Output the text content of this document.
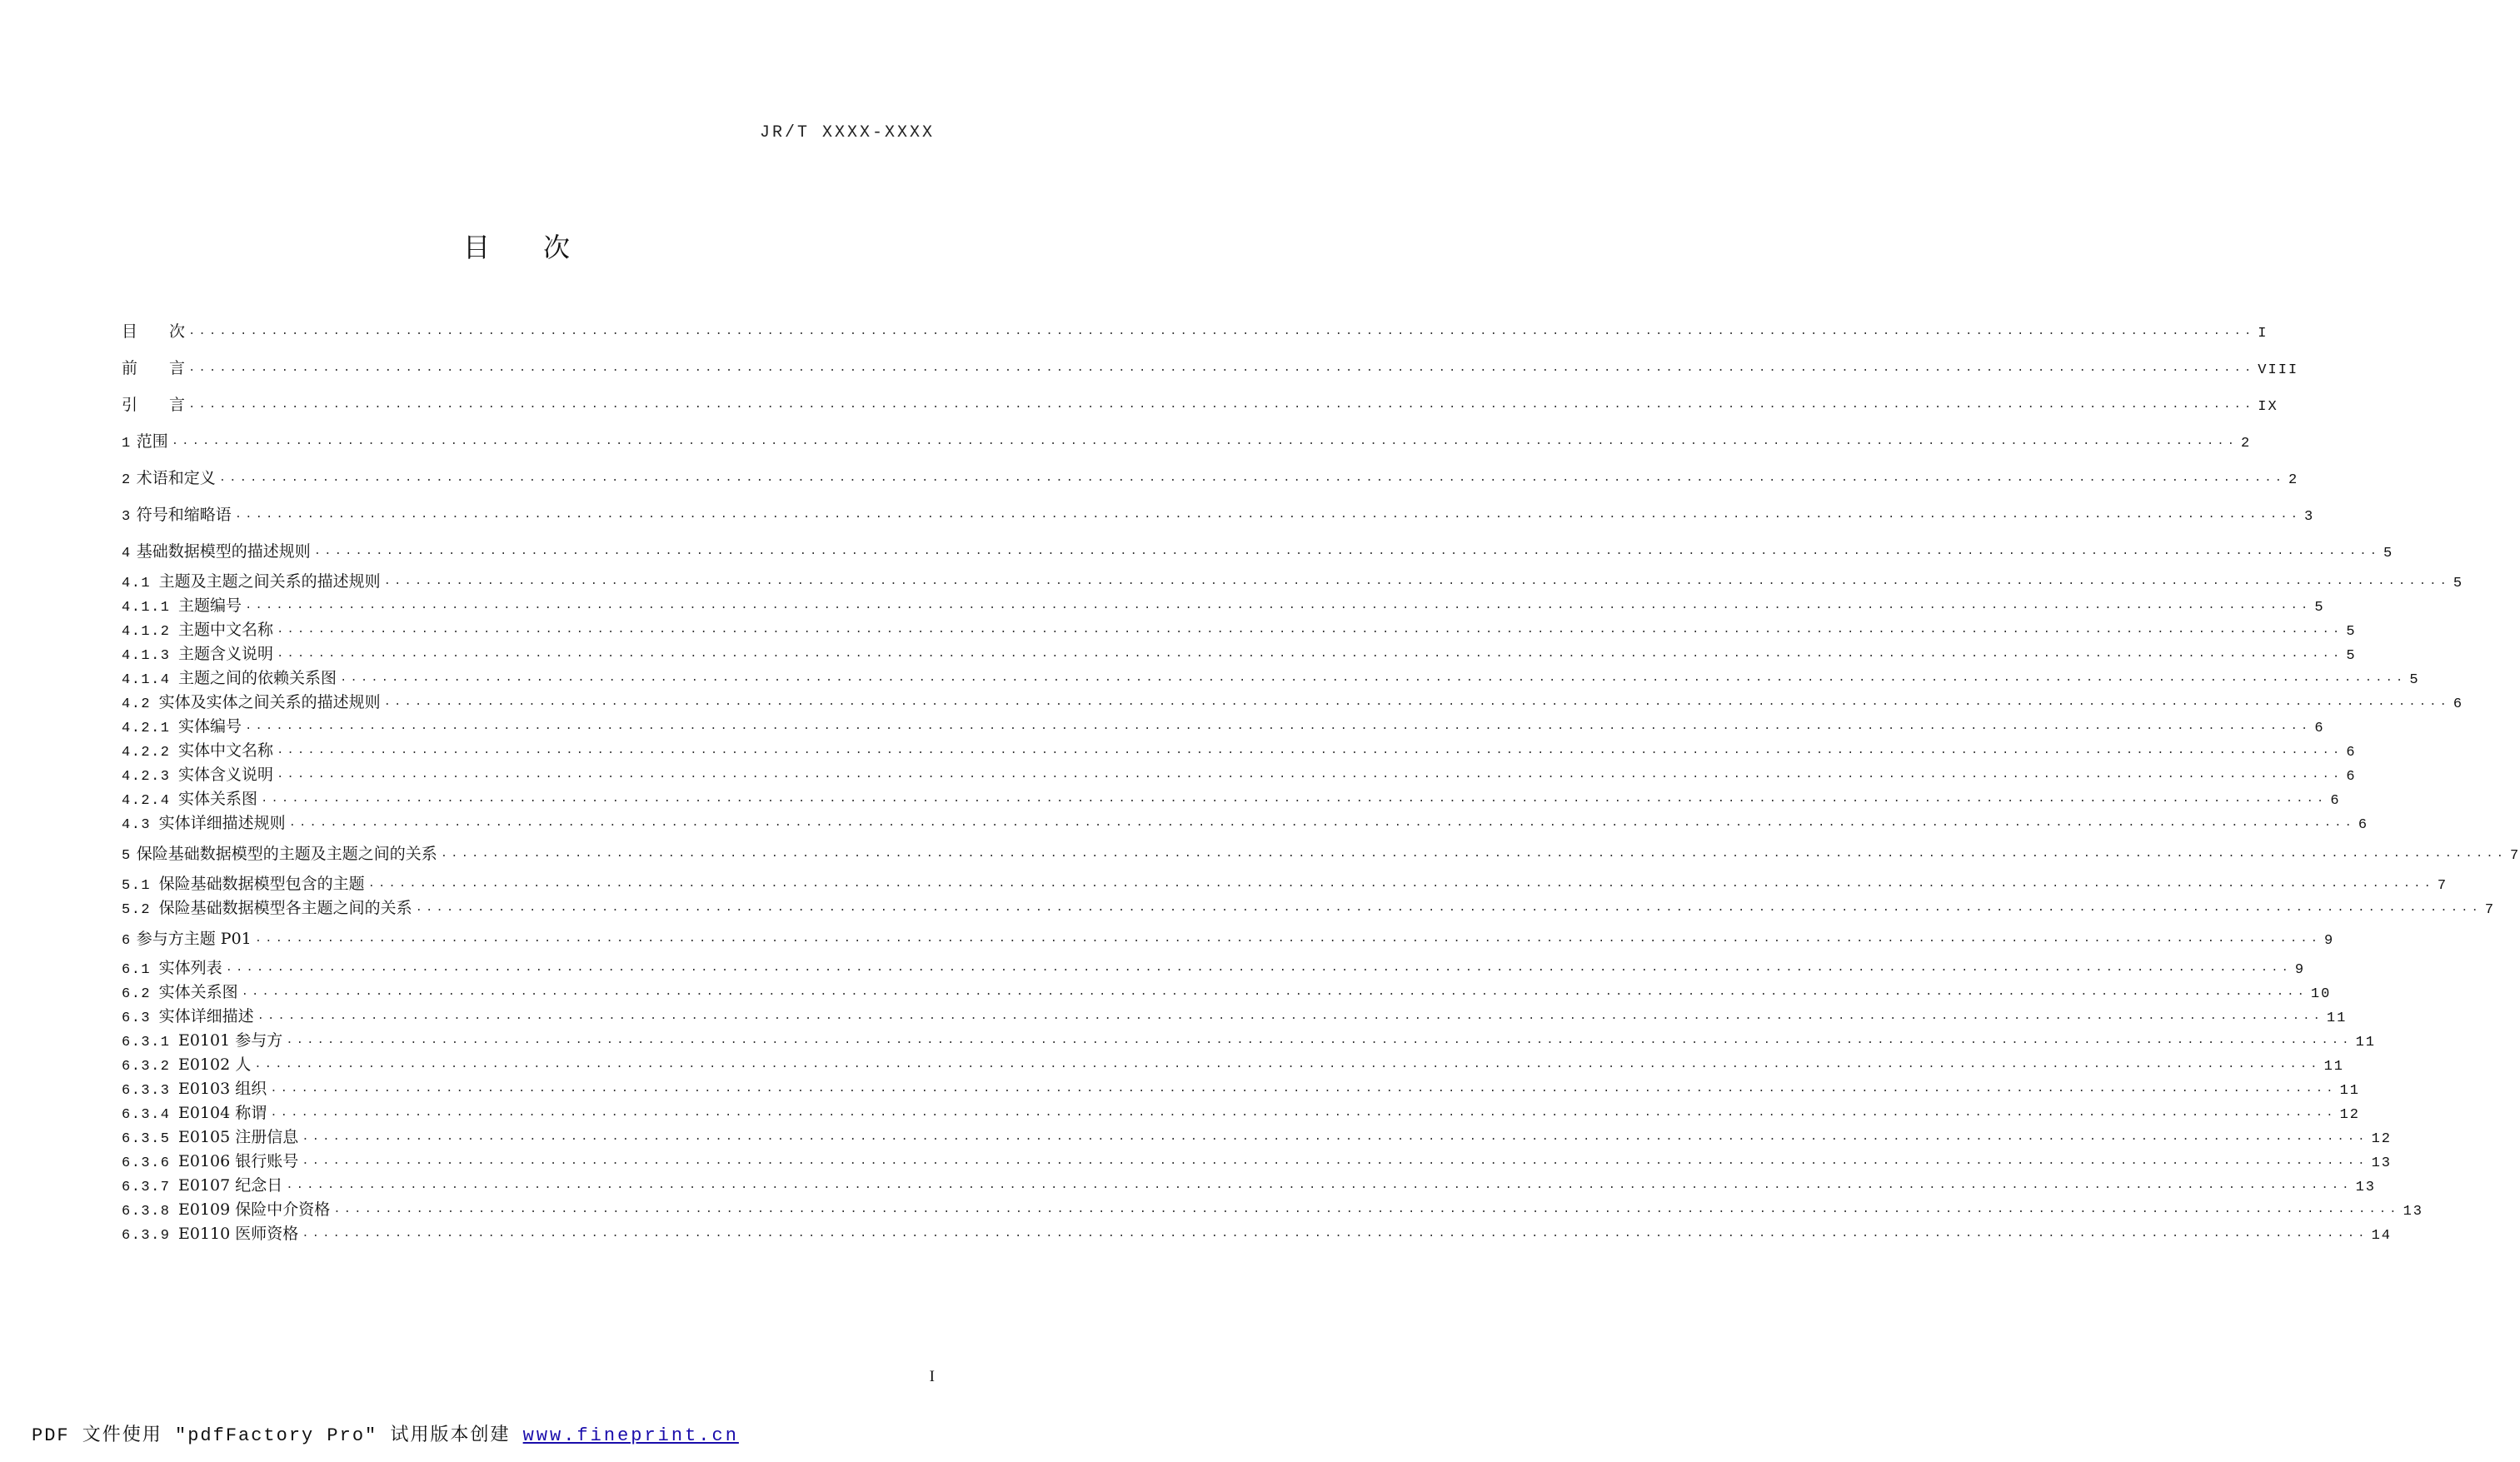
JR/T XXXX-XXXX
目 次
目　　次 ........................................................................................................................................................................................................ I
前　　言 ........................................................................................................................................................................................................ VIII
引　　言 ........................................................................................................................................................................................................ IX
1 范围 ........................................................................................................................................................................................................ 2
2 术语和定义 ........................................................................................................................................................................................................ 2
3 符号和缩略语 ........................................................................................................................................................................................................ 3
4 基础数据模型的描述规则 ........................................................................................................................................................................................................ 5
4.1  主题及主题之间关系的描述规则 ........................................................................................................................................................................................................ 5
4.1.1  主题编号 ........................................................................................................................................................................................................ 5
4.1.2  主题中文名称 ........................................................................................................................................................................................................ 5
4.1.3  主题含义说明 ........................................................................................................................................................................................................ 5
4.1.4  主题之间的依赖关系图 ........................................................................................................................................................................................................ 5
4.2  实体及实体之间关系的描述规则 ........................................................................................................................................................................................................ 6
4.2.1  实体编号 ........................................................................................................................................................................................................ 6
4.2.2  实体中文名称 ........................................................................................................................................................................................................ 6
4.2.3  实体含义说明 ........................................................................................................................................................................................................ 6
4.2.4  实体关系图 ........................................................................................................................................................................................................ 6
4.3  实体详细描述规则 ........................................................................................................................................................................................................ 6
5 保险基础数据模型的主题及主题之间的关系 ........................................................................................................................................................................................................ 7
5.1  保险基础数据模型包含的主题 ........................................................................................................................................................................................................ 7
5.2  保险基础数据模型各主题之间的关系 ........................................................................................................................................................................................................ 7
6 参与方主题 P01 ........................................................................................................................................................................................................ 9
6.1  实体列表 ........................................................................................................................................................................................................ 9
6.2  实体关系图 ........................................................................................................................................................................................................ 10
6.3  实体详细描述 ........................................................................................................................................................................................................ 11
6.3.1  E0101 参与方 ........................................................................................................................................................................................................ 11
6.3.2  E0102 人 ........................................................................................................................................................................................................ 11
6.3.3  E0103 组织 ........................................................................................................................................................................................................ 11
6.3.4  E0104 称谓 ........................................................................................................................................................................................................ 12
6.3.5  E0105 注册信息 ........................................................................................................................................................................................................ 12
6.3.6  E0106 银行账号 ........................................................................................................................................................................................................ 13
6.3.7  E0107 纪念日 ........................................................................................................................................................................................................ 13
6.3.8  E0109 保险中介资格 ........................................................................................................................................................................................................ 13
6.3.9  E0110 医师资格 ........................................................................................................................................................................................................ 14
I
PDF 文件使用 "pdfFactory Pro" 试用版本创建 www.fineprint.cn
